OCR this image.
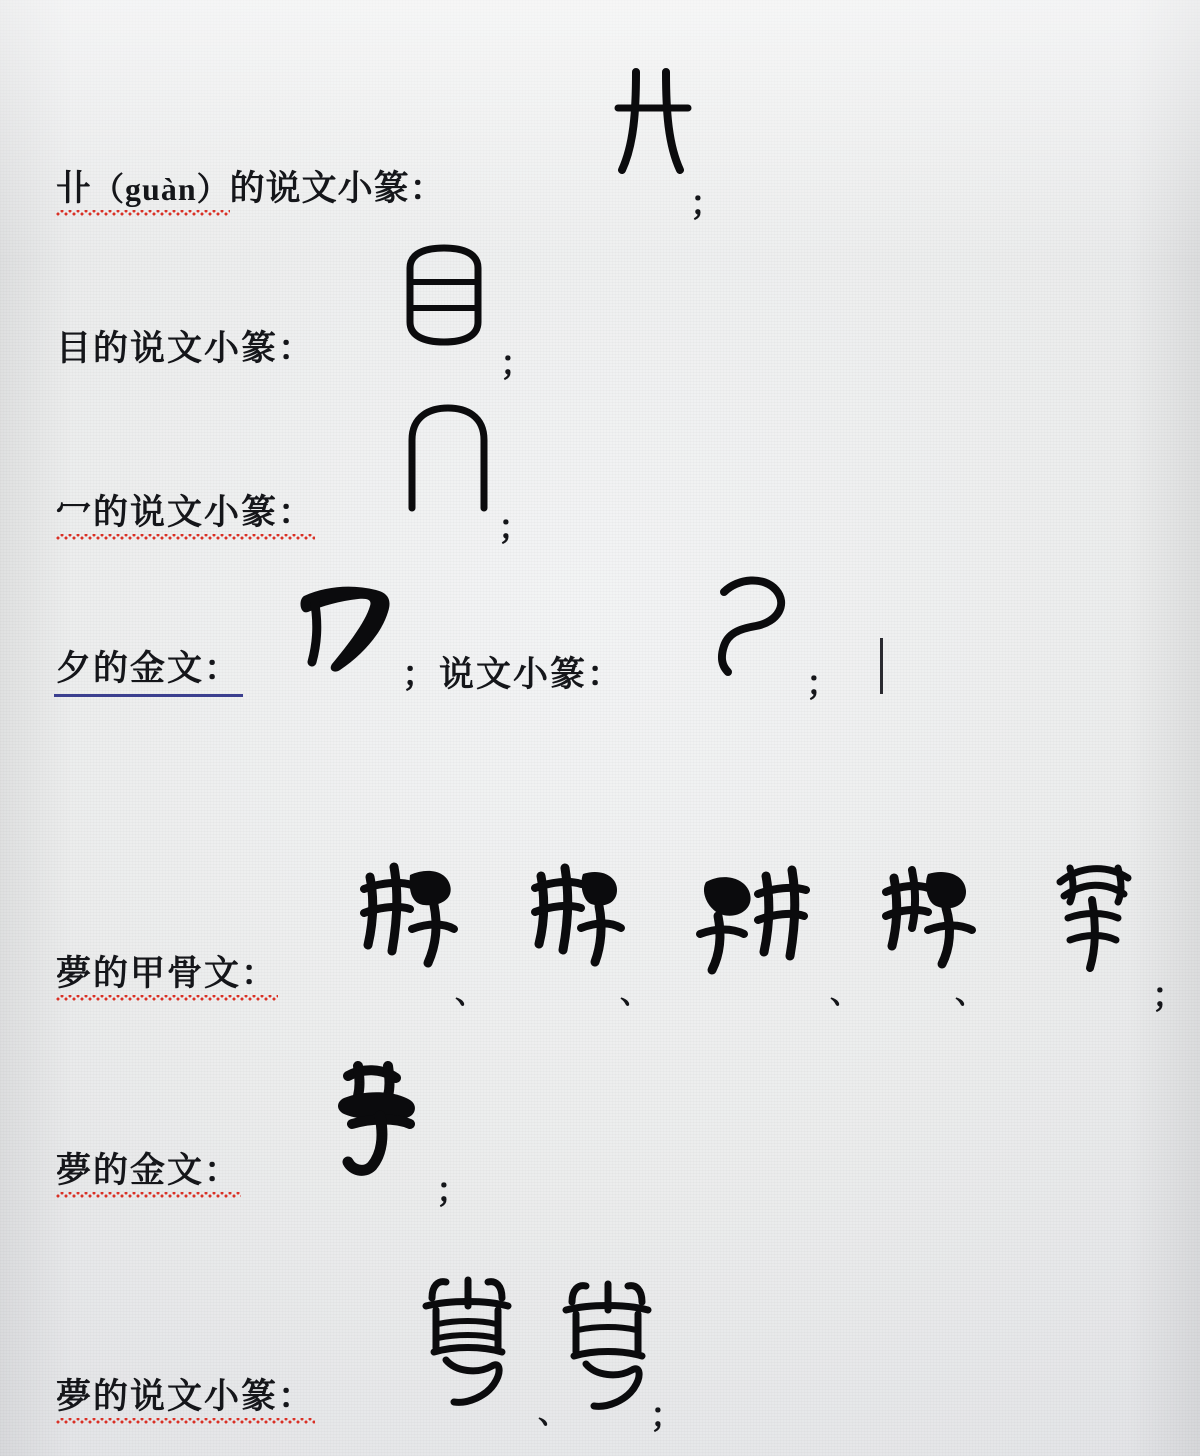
卝（guàn）的说文小篆：	；
目的说文小篆：	；
冖的说文小篆：	；
夕的金文：	；说文小篆：	；
夢的甲骨文：
、	、	、	、	；
夢的金文：
；
夢的说文小篆：	、 ；
